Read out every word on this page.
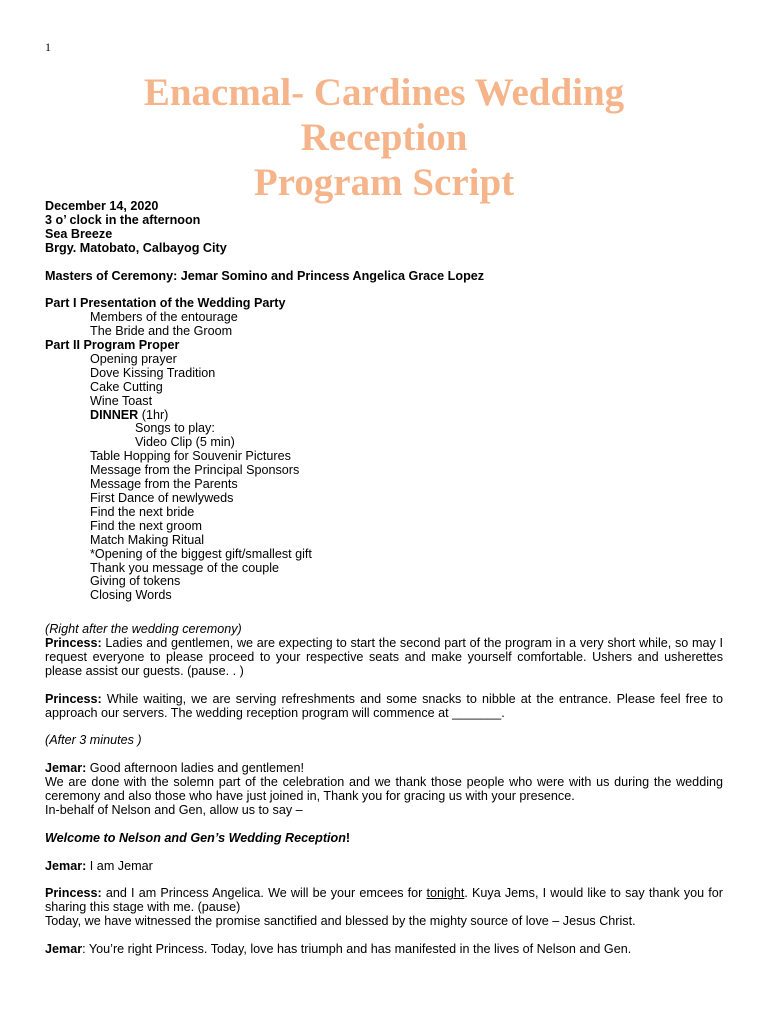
1
Enacmal- Cardines Wedding
Reception
Program Script
December 14, 2020
3 o’ clock in the afternoon
Sea Breeze
Brgy. Matobato, Calbayog City
Masters of Ceremony: Jemar Somino and Princess Angelica Grace Lopez
Part I Presentation of the Wedding Party
Members of the entourage
The Bride and the Groom
Part II Program Proper
Opening prayer
Dove Kissing Tradition
Cake Cutting
Wine Toast
DINNER (1hr)
Songs to play:
Video Clip (5 min)
Table Hopping for Souvenir Pictures
Message from the Principal Sponsors
Message from the Parents
First Dance of newlyweds
Find the next bride
Find the next groom
Match Making Ritual
*Opening of the biggest gift/smallest gift
Thank you message of the couple
Giving of tokens
Closing Words
(Right after the wedding ceremony)
Princess: Ladies and gentlemen, we are expecting to start the second part of the program in a very short while, so may I request everyone to please proceed to your respective seats and make yourself comfortable. Ushers and usherettes please assist our guests. (pause. . )
Princess: While waiting, we are serving refreshments and some snacks to nibble at the entrance. Please feel free to approach our servers. The wedding reception program will commence at _______.
(After 3 minutes )
Jemar: Good afternoon ladies and gentlemen!
We are done with the solemn part of the celebration and we thank those people who were with us during the wedding ceremony and also those who have just joined in, Thank you for gracing us with your presence.
In-behalf of Nelson and Gen, allow us to say –
Welcome to Nelson and Gen’s Wedding Reception!
Jemar: I am Jemar
Princess: and I am Princess Angelica. We will be your emcees for tonight. Kuya Jems, I would like to say thank you for sharing this stage with me. (pause)
Today, we have witnessed the promise sanctified and blessed by the mighty source of love – Jesus Christ.
Jemar: You’re right Princess. Today, love has triumph and has manifested in the lives of Nelson and Gen.
